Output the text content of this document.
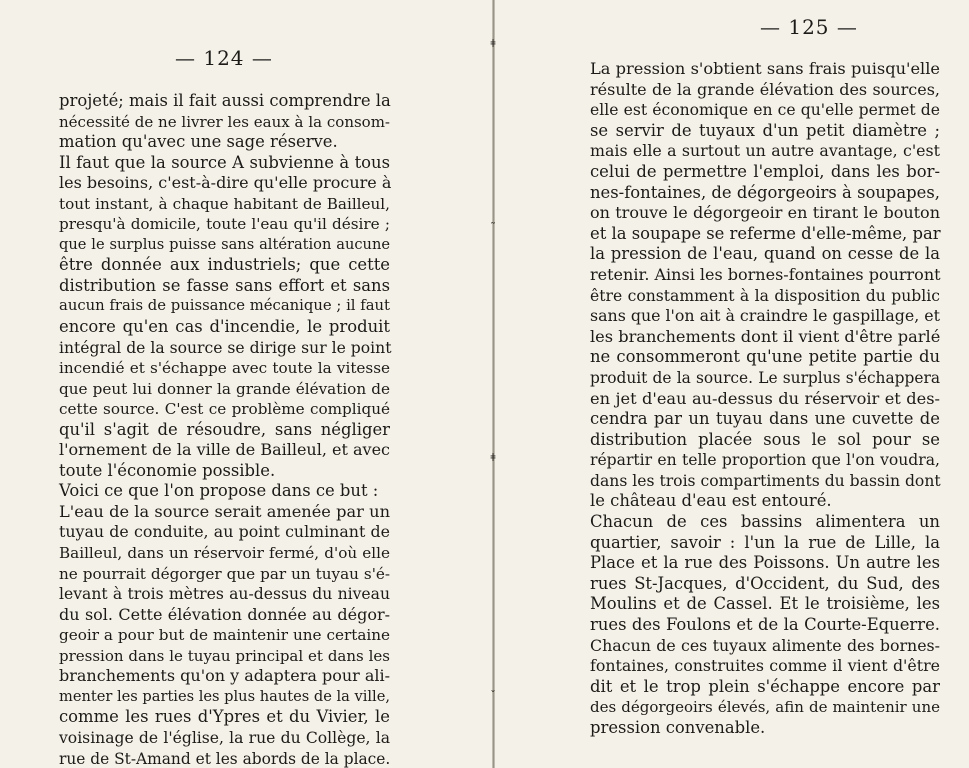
ǂ
˜
ǂ
ˇ
— 124 —
projeté; mais il fait aussi comprendre la
nécessité de ne livrer les eaux à la consom-
mation qu'avec une sage réserve.
Il faut que la source A subvienne à tous
les besoins, c'est-à-dire qu'elle procure à
tout instant, à chaque habitant de Bailleul,
presqu'à domicile, toute l'eau qu'il désire ;
que le surplus puisse sans altération aucune
être donnée aux industriels; que cette
distribution se fasse sans effort et sans
aucun frais de puissance mécanique ; il faut
encore qu'en cas d'incendie, le produit
intégral de la source se dirige sur le point
incendié et s'échappe avec toute la vitesse
que peut lui donner la grande élévation de
cette source. C'est ce problème compliqué
qu'il s'agit de résoudre, sans négliger
l'ornement de la ville de Bailleul, et avec
toute l'économie possible.
Voici ce que l'on propose dans ce but :
L'eau de la source serait amenée par un
tuyau de conduite, au point culminant de
Bailleul, dans un réservoir fermé, d'où elle
ne pourrait dégorger que par un tuyau s'é-
levant à trois mètres au-dessus du niveau
du sol. Cette élévation donnée au dégor-
geoir a pour but de maintenir une certaine
pression dans le tuyau principal et dans les
branchements qu'on y adaptera pour ali-
menter les parties les plus hautes de la ville,
comme les rues d'Ypres et du Vivier, le
voisinage de l'église, la rue du Collège, la
rue de St-Amand et les abords de la place.
— 125 —
La pression s'obtient sans frais puisqu'elle
résulte de la grande élévation des sources,
elle est économique en ce qu'elle permet de
se servir de tuyaux d'un petit diamètre ;
mais elle a surtout un autre avantage, c'est
celui de permettre l'emploi, dans les bor-
nes-fontaines, de dégorgeoirs à soupapes,
on trouve le dégorgeoir en tirant le bouton
et la soupape se referme d'elle-même, par
la pression de l'eau, quand on cesse de la
retenir. Ainsi les bornes-fontaines pourront
être constamment à la disposition du public
sans que l'on ait à craindre le gaspillage, et
les branchements dont il vient d'être parlé
ne consommeront qu'une petite partie du
produit de la source. Le surplus s'échappera
en jet d'eau au-dessus du réservoir et des-
cendra par un tuyau dans une cuvette de
distribution placée sous le sol pour se
répartir en telle proportion que l'on voudra,
dans les trois compartiments du bassin dont
le château d'eau est entouré.
Chacun de ces bassins alimentera un
quartier, savoir : l'un la rue de Lille, la
Place et la rue des Poissons. Un autre les
rues St-Jacques, d'Occident, du Sud, des
Moulins et de Cassel. Et le troisième, les
rues des Foulons et de la Courte-Equerre.
Chacun de ces tuyaux alimente des bornes-
fontaines, construites comme il vient d'être
dit et le trop plein s'échappe encore par
des dégorgeoirs élevés, afin de maintenir une
pression convenable.
